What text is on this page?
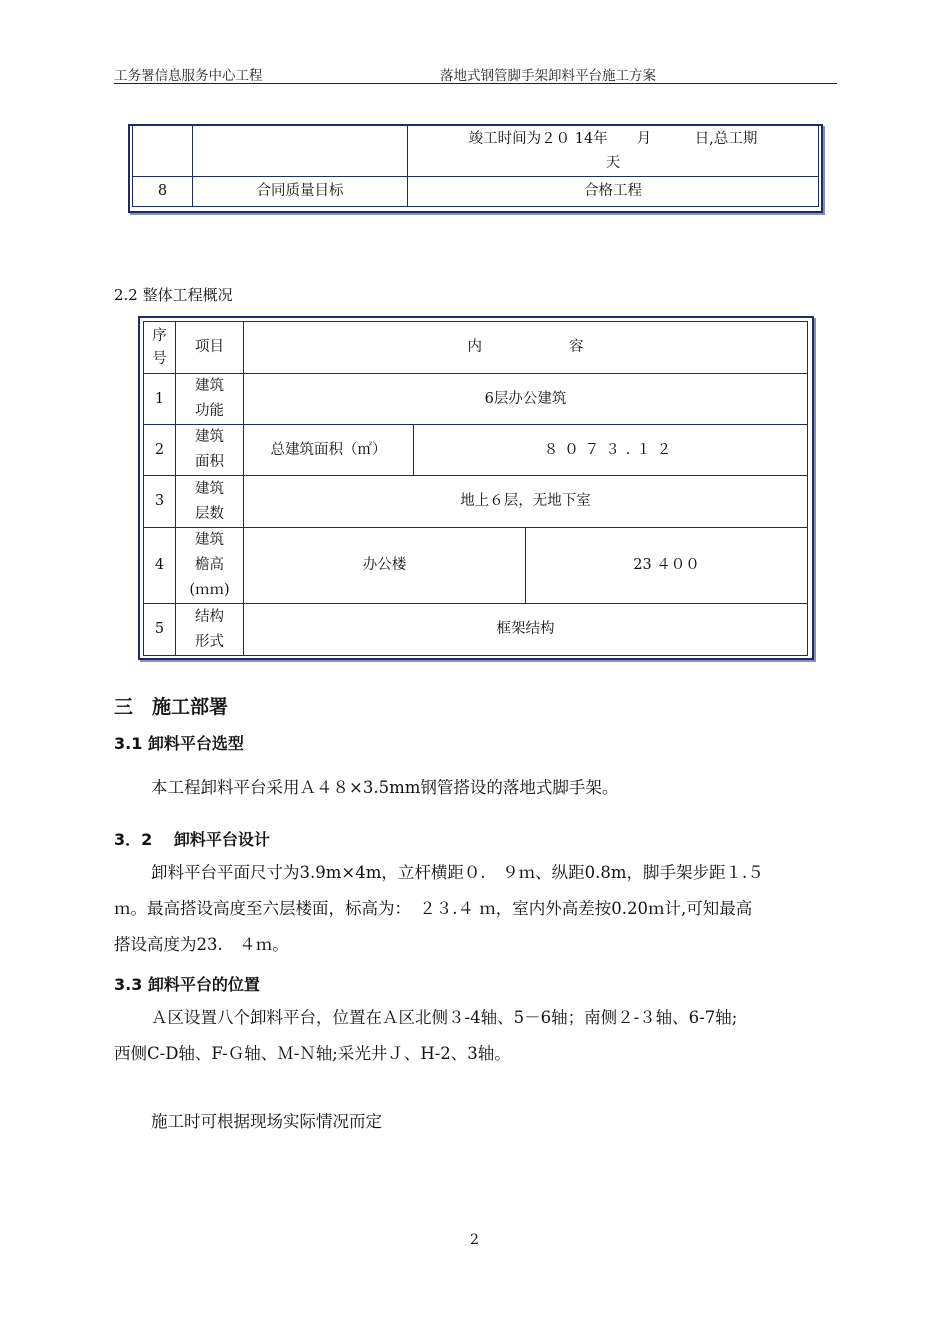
工务署信息服务中心工程	落地式钢管脚手架卸料平台施工方案

		竣工时间为２０ 14年　　月　　　日,总工期
天

8	合同质量目标	合格工程
2.2 整体工程概况
序
号	项目	内　　　　　　容		
1	建筑
功能	6层办公建筑		
2	建筑
面积	总建筑面积（㎡）	８０７３.１２	
3	建筑
层数	地上６层，无地下室		
4	建筑
檐高
(ｍｍ)	办公楼		23 ４００
5	结构
形式	框架结构		
三　施工部署
3.1 卸料平台选型
本工程卸料平台采用Ａ４８×3.5mm钢管搭设的落地式脚手架。
3．2　 卸料平台设计
卸料平台平面尺寸为3.9m×4m，立杆横距０.　９ｍ、纵距0.8m，脚手架步距１.５
ｍ。最高搭设高度至六层楼面，标高为：　２３.４ ｍ，室内外高差按0.20ｍ计,可知最高
搭设高度为23.　４ｍ。
3.3 卸料平台的位置
Ａ区设置八个卸料平台，位置在Ａ区北侧３-4轴、5－6轴；南侧２-３轴、6-7轴;
西侧C-D轴、F-Ｇ轴、Ｍ-Ｎ轴;采光井Ｊ、H-2、3轴。
施工时可根据现场实际情况而定
2
